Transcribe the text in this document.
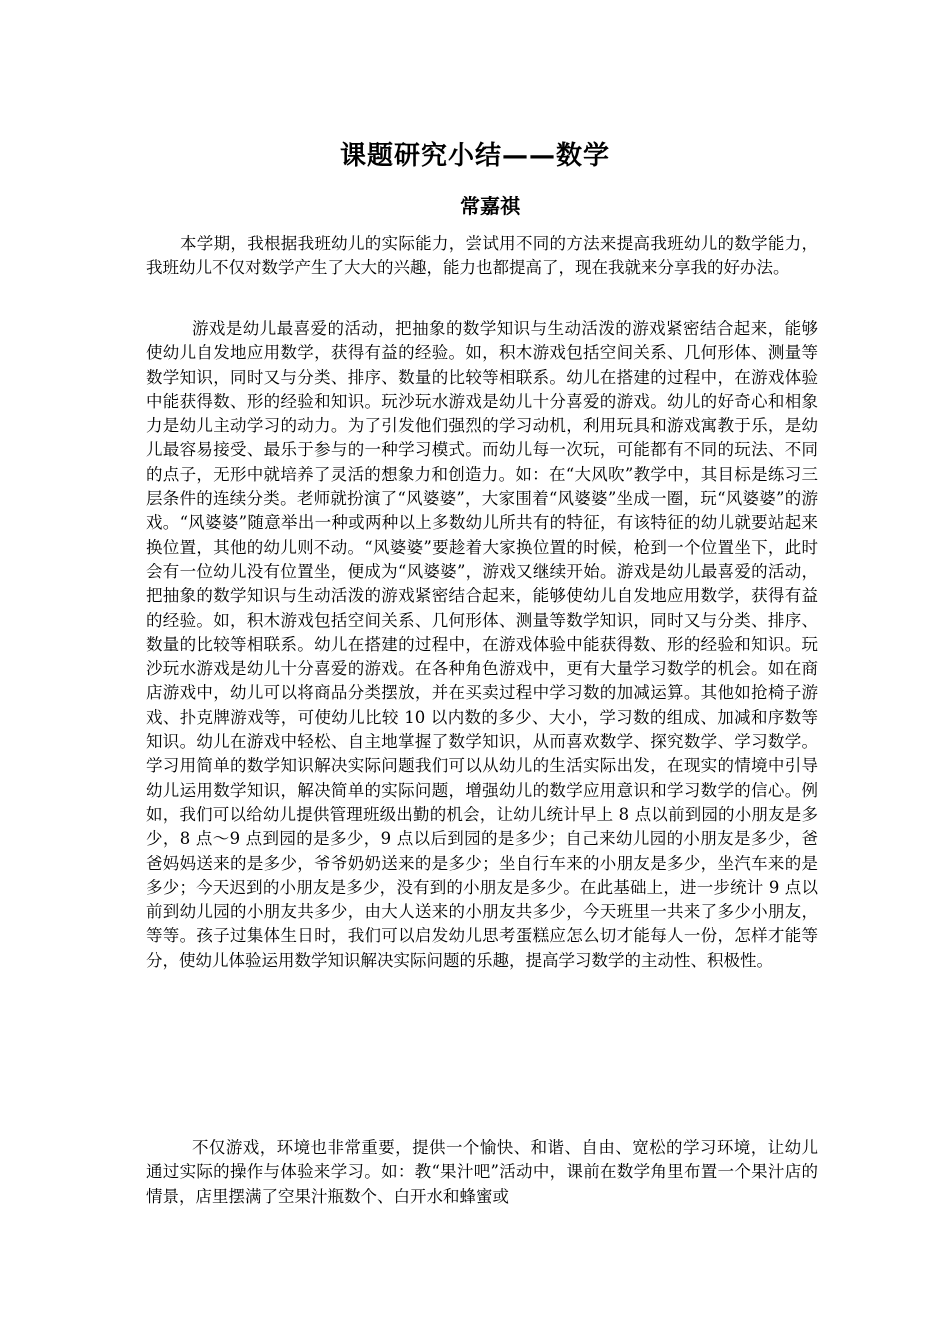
课题研究小结——数学
常嘉祺

本学期，我根据我班幼儿的实际能力，尝试用不同的方法来提高我班幼儿的数学能力，我班幼儿不仅对数学产生了大大的兴趣，能力也都提高了，现在我就来分享我的好办法。

游戏是幼儿最喜爱的活动，把抽象的数学知识与生动活泼的游戏紧密结合起来，能够使幼儿自发地应用数学，获得有益的经验。如，积木游戏包括空间关系、几何形体、测量等数学知识，同时又与分类、排序、数量的比较等相联系。幼儿在搭建的过程中，在游戏体验中能获得数、形的经验和知识。玩沙玩水游戏是幼儿十分喜爱的游戏。幼儿的好奇心和相象力是幼儿主动学习的动力。为了引发他们强烈的学习动机，利用玩具和游戏寓教于乐，是幼儿最容易接受、最乐于参与的一种学习模式。而幼儿每一次玩，可能都有不同的玩法、不同的点子，无形中就培养了灵活的想象力和创造力。如：在“大风吹”教学中，其目标是练习三层条件的连续分类。老师就扮演了“风婆婆”，大家围着“风婆婆”坐成一圈，玩“风婆婆”的游戏。“风婆婆”随意举出一种或两种以上多数幼儿所共有的特征，有该特征的幼儿就要站起来换位置，其他的幼儿则不动。“风婆婆”要趁着大家换位置的时候，枪到一个位置坐下，此时会有一位幼儿没有位置坐，便成为“风婆婆”，游戏又继续开始。游戏是幼儿最喜爱的活动，把抽象的数学知识与生动活泼的游戏紧密结合起来，能够使幼儿自发地应用数学，获得有益的经验。如，积木游戏包括空间关系、几何形体、测量等数学知识，同时又与分类、排序、数量的比较等相联系。幼儿在搭建的过程中，在游戏体验中能获得数、形的经验和知识。玩沙玩水游戏是幼儿十分喜爱的游戏。在各种角色游戏中，更有大量学习数学的机会。如在商店游戏中，幼儿可以将商品分类摆放，并在买卖过程中学习数的加减运算。其他如抢椅子游戏、扑克牌游戏等，可使幼儿比较 10 以内数的多少、大小，学习数的组成、加减和序数等知识。幼儿在游戏中轻松、自主地掌握了数学知识，从而喜欢数学、探究数学、学习数学。学习用简单的数学知识解决实际问题我们可以从幼儿的生活实际出发，在现实的情境中引导幼儿运用数学知识，解决简单的实际问题，增强幼儿的数学应用意识和学习数学的信心。例如，我们可以给幼儿提供管理班级出勤的机会，让幼儿统计早上 8 点以前到园的小朋友是多少，8 点～9 点到园的是多少，9 点以后到园的是多少；自己来幼儿园的小朋友是多少，爸爸妈妈送来的是多少，爷爷奶奶送来的是多少；坐自行车来的小朋友是多少，坐汽车来的是多少；今天迟到的小朋友是多少，没有到的小朋友是多少。在此基础上，进一步统计 9 点以前到幼儿园的小朋友共多少，由大人送来的小朋友共多少，今天班里一共来了多少小朋友，等等。孩子过集体生日时，我们可以启发幼儿思考蛋糕应怎么切才能每人一份，怎样才能等分，使幼儿体验运用数学知识解决实际问题的乐趣，提高学习数学的主动性、积极性。

不仅游戏，环境也非常重要，提供一个愉快、和谐、自由、宽松的学习环境，让幼儿通过实际的操作与体验来学习。如：教“果汁吧”活动中，课前在数学角里布置一个果汁店的情景，店里摆满了空果汁瓶数个、白开水和蜂蜜或
